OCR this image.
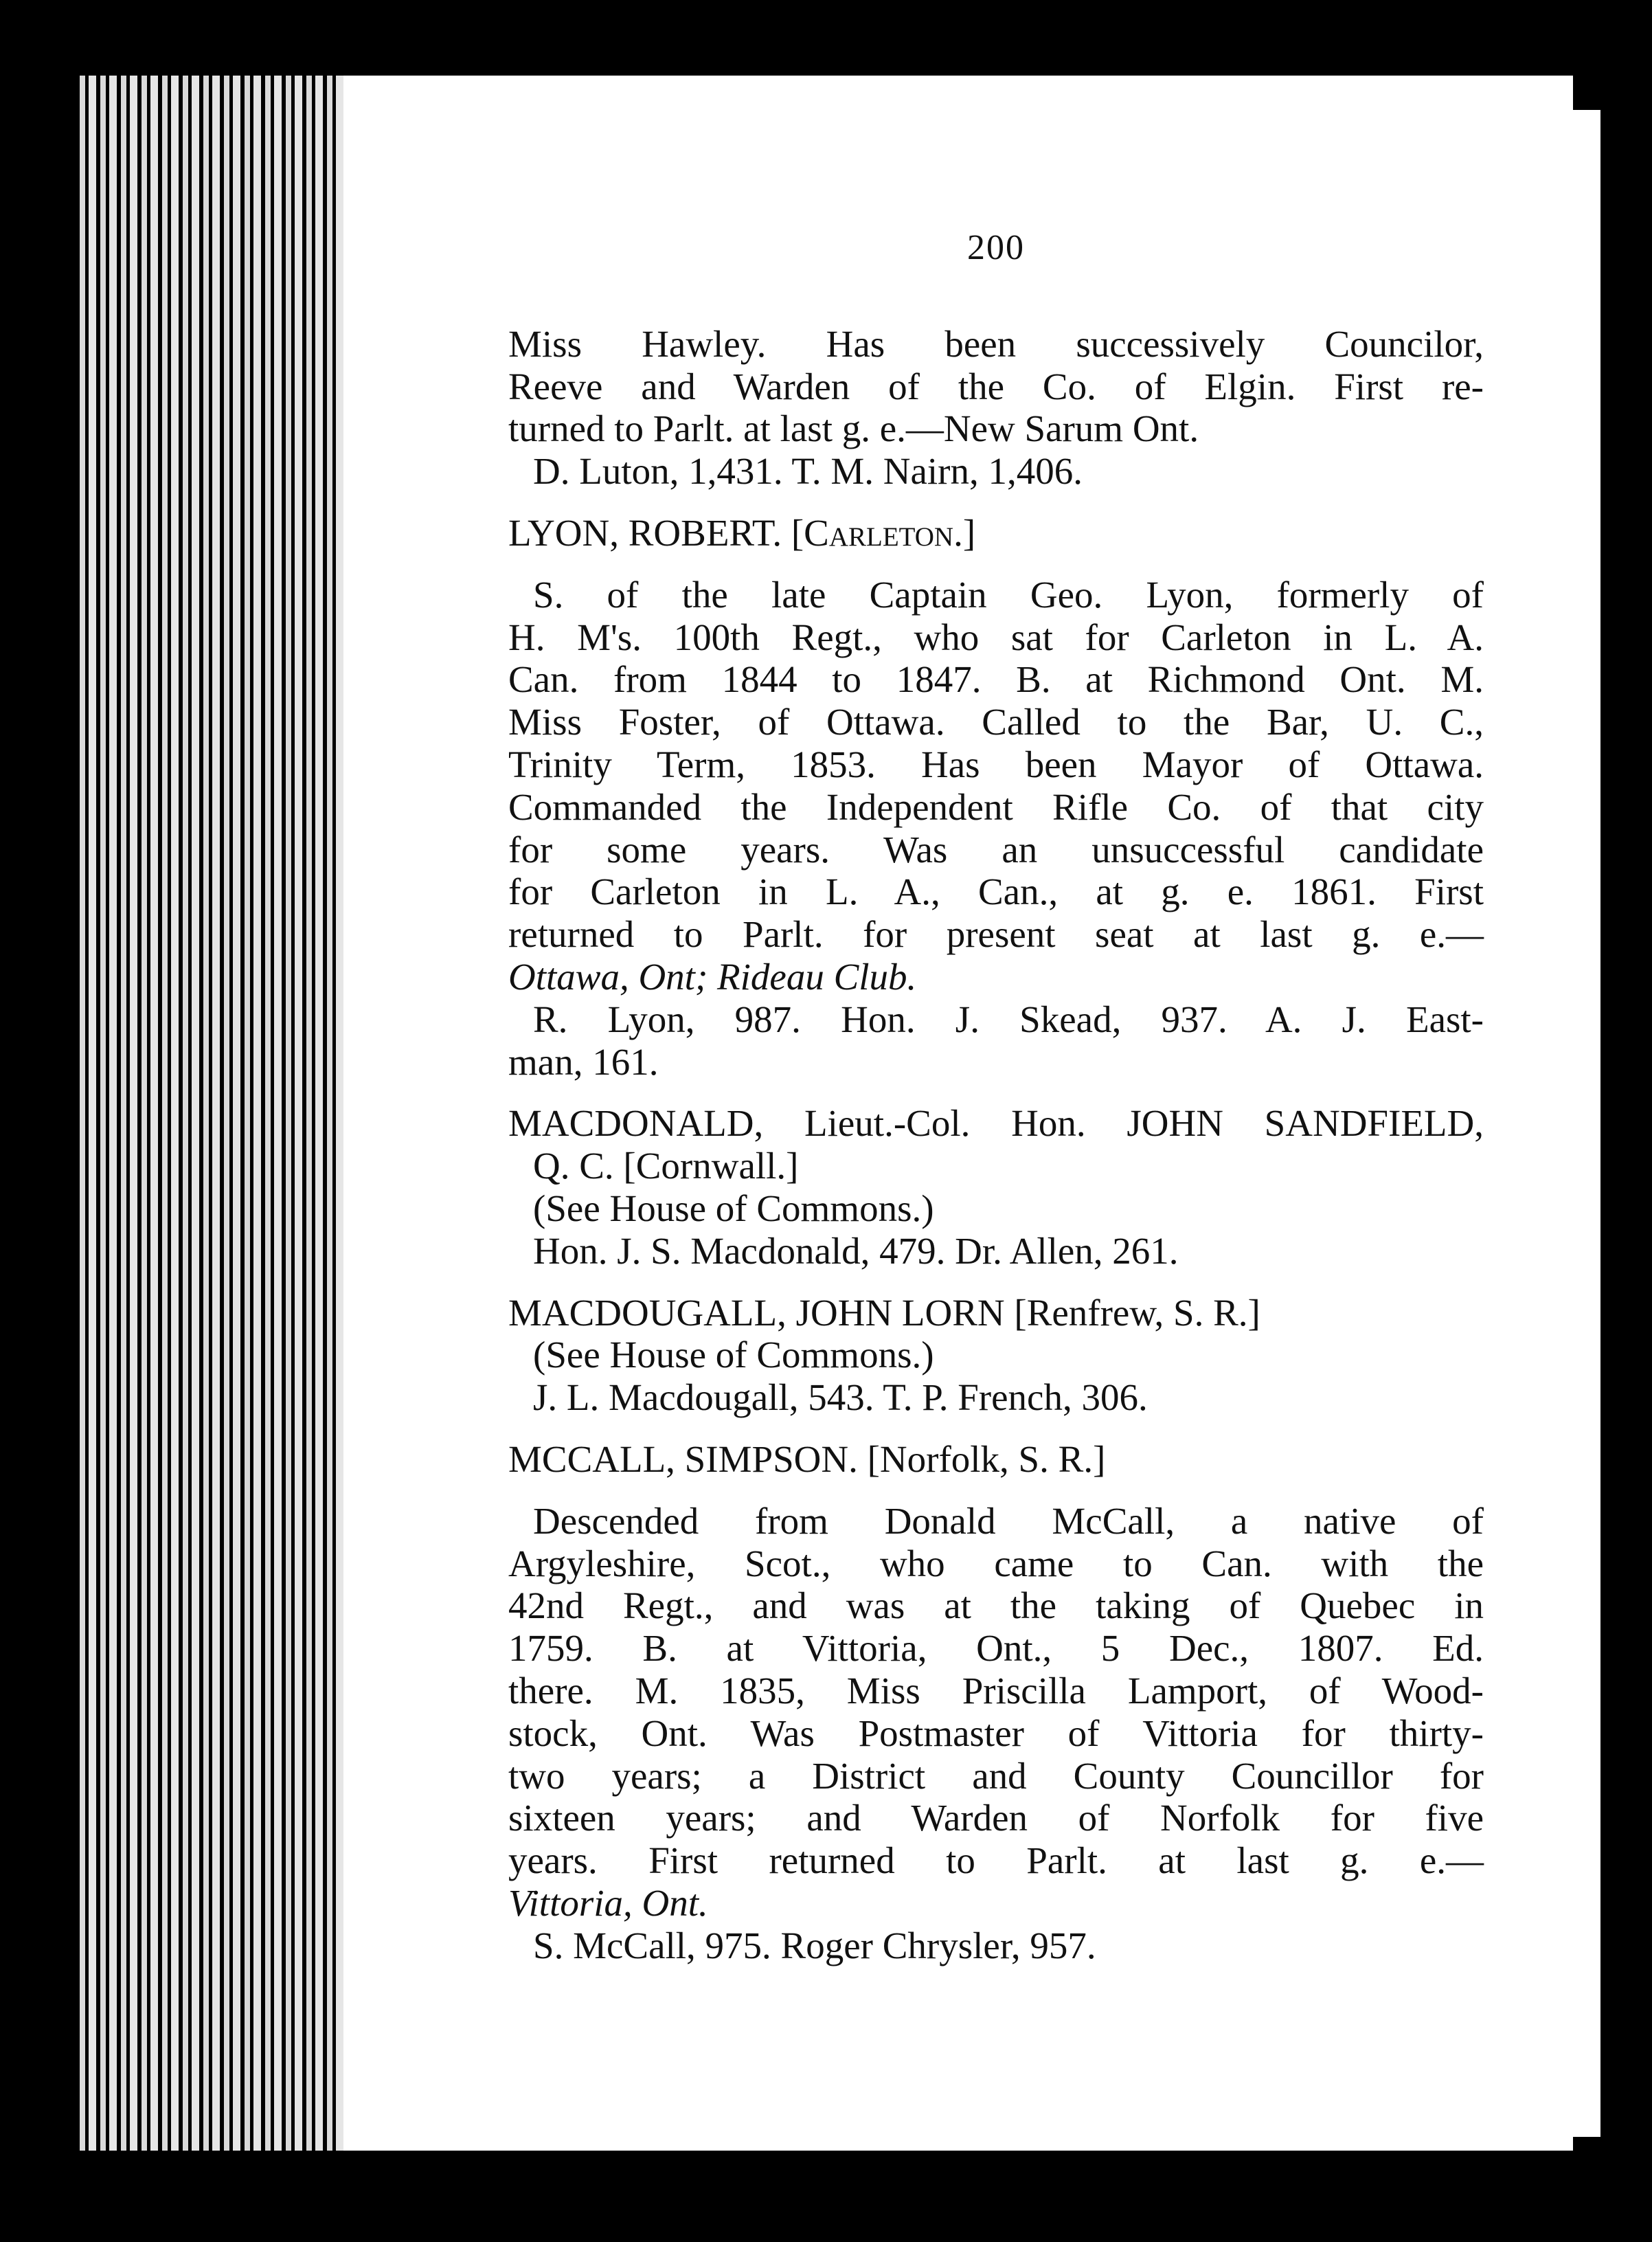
200
Miss Hawley. Has been successively Councilor,
Reeve and Warden of the Co. of Elgin. First re-
turned to Parlt. at last g. e.—New Sarum Ont.
D. Luton, 1,431. T. M. Nairn, 1,406.
LYON, ROBERT. [Carleton.]
S. of the late Captain Geo. Lyon, formerly of
H. M's. 100th Regt., who sat for Carleton in L. A.
Can. from 1844 to 1847. B. at Richmond Ont. M.
Miss Foster, of Ottawa. Called to the Bar, U. C.,
Trinity Term, 1853. Has been Mayor of Ottawa.
Commanded the Independent Rifle Co. of that city
for some years. Was an unsuccessful candidate
for Carleton in L. A., Can., at g. e. 1861. First
returned to Parlt. for present seat at last g. e.—
Ottawa, Ont; Rideau Club.
R. Lyon, 987. Hon. J. Skead, 937. A. J. East-
man, 161.
MACDONALD, Lieut.-Col. Hon. JOHN SANDFIELD,
Q. C. [Cornwall.]
(See House of Commons.)
Hon. J. S. Macdonald, 479. Dr. Allen, 261.
MACDOUGALL, JOHN LORN [Renfrew, S. R.]
(See House of Commons.)
J. L. Macdougall, 543. T. P. French, 306.
MCCALL, SIMPSON. [Norfolk, S. R.]
Descended from Donald McCall, a native of
Argyleshire, Scot., who came to Can. with the
42nd Regt., and was at the taking of Quebec in
1759. B. at Vittoria, Ont., 5 Dec., 1807. Ed.
there. M. 1835, Miss Priscilla Lamport, of Wood-
stock, Ont. Was Postmaster of Vittoria for thirty-
two years; a District and County Councillor for
sixteen years; and Warden of Norfolk for five
years. First returned to Parlt. at last g. e.—
Vittoria, Ont.
S. McCall, 975. Roger Chrysler, 957.
